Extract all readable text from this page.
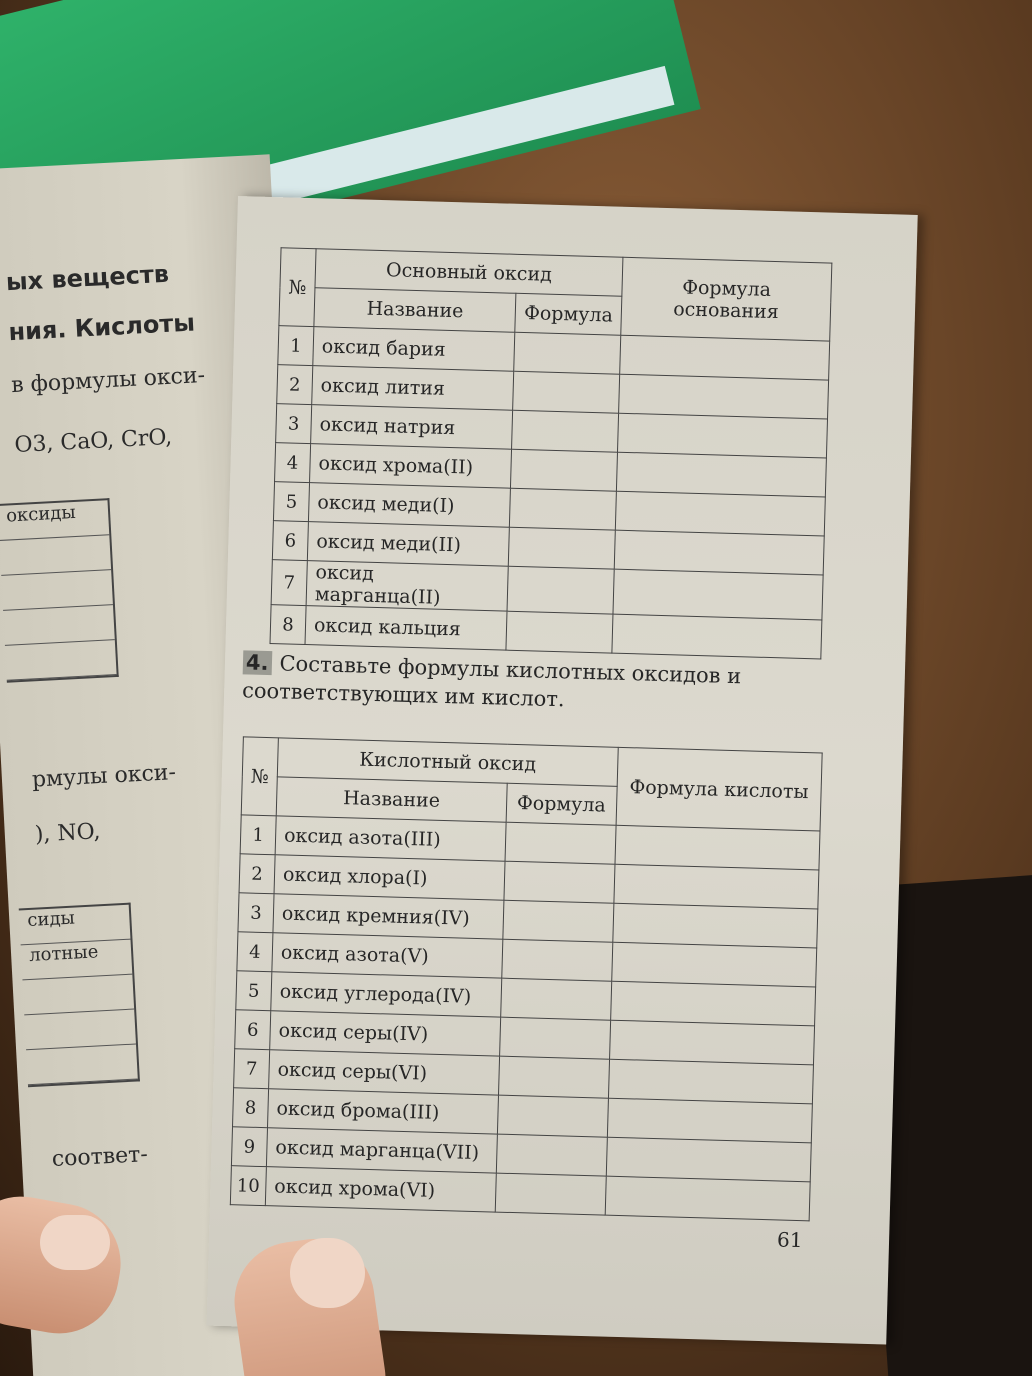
ых веществ
ния. Кислоты
в формулы окси-
O3, CaO, CrO,
оксиды
рмулы окси-
), NO,
сиды
лотные
соответ-
№	Основный оксид		Формула основания
	Название	Формула	
1	оксид бария		
2	оксид лития		
3	оксид натрия		
4	оксид хрома(II)		
5	оксид меди(I)		
6	оксид меди(II)		
7	оксид марганца(II)		
8	оксид кальция		
4. Составьте формулы кислотных оксидов и соответствующих им кислот.
№	Кислотный оксид		Формула кислоты
	Название	Формула	
1	оксид азота(III)		
2	оксид хлора(I)		
3	оксид кремния(IV)		
4	оксид азота(V)		
5	оксид углерода(IV)		
6	оксид серы(IV)		
7	оксид серы(VI)		
8	оксид брома(III)		
9	оксид марганца(VII)		
10	оксид хрома(VI)		
61
